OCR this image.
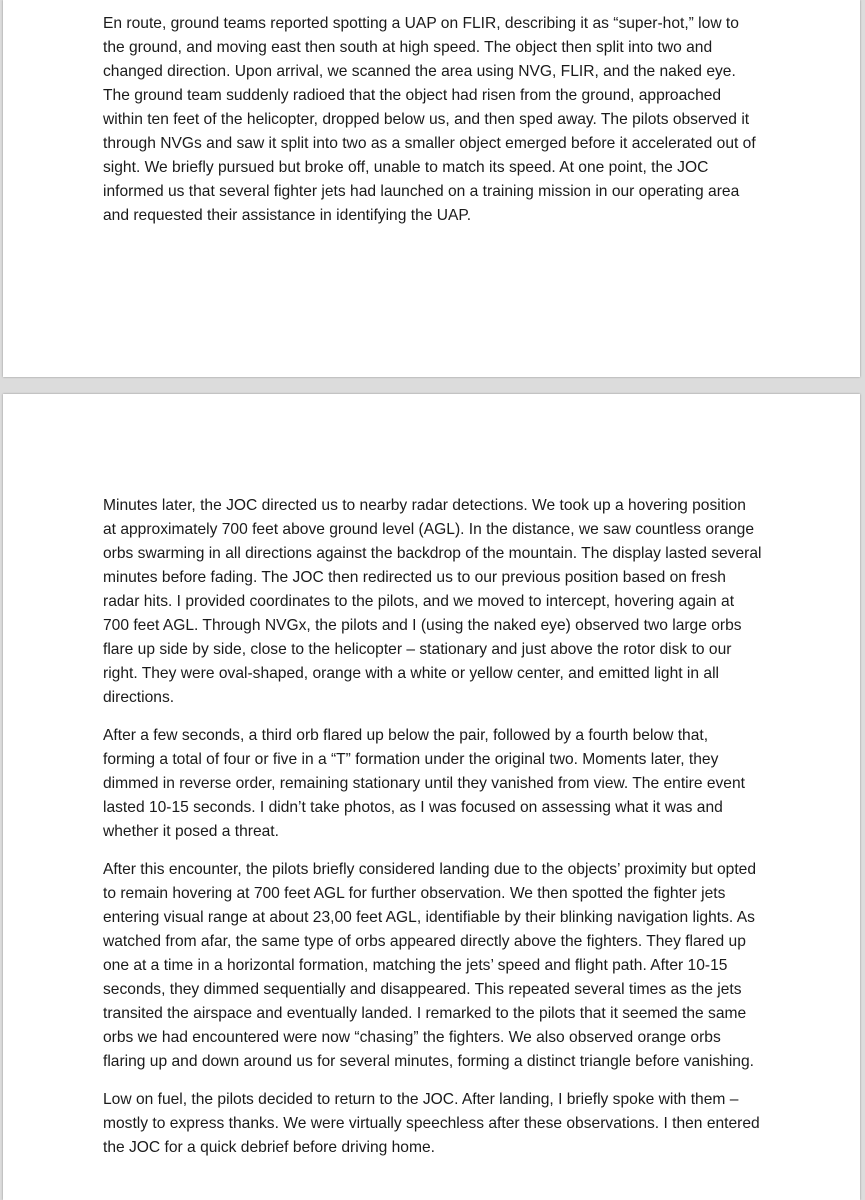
En route, ground teams reported spotting a UAP on FLIR, describing it as “super-hot,” low to the ground, and moving east then south at high speed. The object then split into two and changed direction. Upon arrival, we scanned the area using NVG, FLIR, and the naked eye. The ground team suddenly radioed that the object had risen from the ground, approached within ten feet of the helicopter, dropped below us, and then sped away. The pilots observed it through NVGs and saw it split into two as a smaller object emerged before it accelerated out of sight. We briefly pursued but broke off, unable to match its speed. At one point, the JOC informed us that several fighter jets had launched on a training mission in our operating area and requested their assistance in identifying the UAP.

Minutes later, the JOC directed us to nearby radar detections. We took up a hovering position at approximately 700 feet above ground level (AGL). In the distance, we saw countless orange orbs swarming in all directions against the backdrop of the mountain. The display lasted several minutes before fading. The JOC then redirected us to our previous position based on fresh radar hits. I provided coordinates to the pilots, and we moved to intercept, hovering again at 700 feet AGL. Through NVGx, the pilots and I (using the naked eye) observed two large orbs flare up side by side, close to the helicopter – stationary and just above the rotor disk to our right. They were oval-shaped, orange with a white or yellow center, and emitted light in all directions.

After a few seconds, a third orb flared up below the pair, followed by a fourth below that, forming a total of four or five in a “T” formation under the original two. Moments later, they dimmed in reverse order, remaining stationary until they vanished from view. The entire event lasted 10-15 seconds. I didn’t take photos, as I was focused on assessing what it was and whether it posed a threat.

After this encounter, the pilots briefly considered landing due to the objects’ proximity but opted to remain hovering at 700 feet AGL for further observation. We then spotted the fighter jets entering visual range at about 23,00 feet AGL, identifiable by their blinking navigation lights. As watched from afar, the same type of orbs appeared directly above the fighters. They flared up one at a time in a horizontal formation, matching the jets’ speed and flight path. After 10-15 seconds, they dimmed sequentially and disappeared. This repeated several times as the jets transited the airspace and eventually landed. I remarked to the pilots that it seemed the same orbs we had encountered were now “chasing” the fighters. We also observed orange orbs flaring up and down around us for several minutes, forming a distinct triangle before vanishing.

Low on fuel, the pilots decided to return to the JOC. After landing, I briefly spoke with them – mostly to express thanks. We were virtually speechless after these observations. I then entered the JOC for a quick debrief before driving home.
